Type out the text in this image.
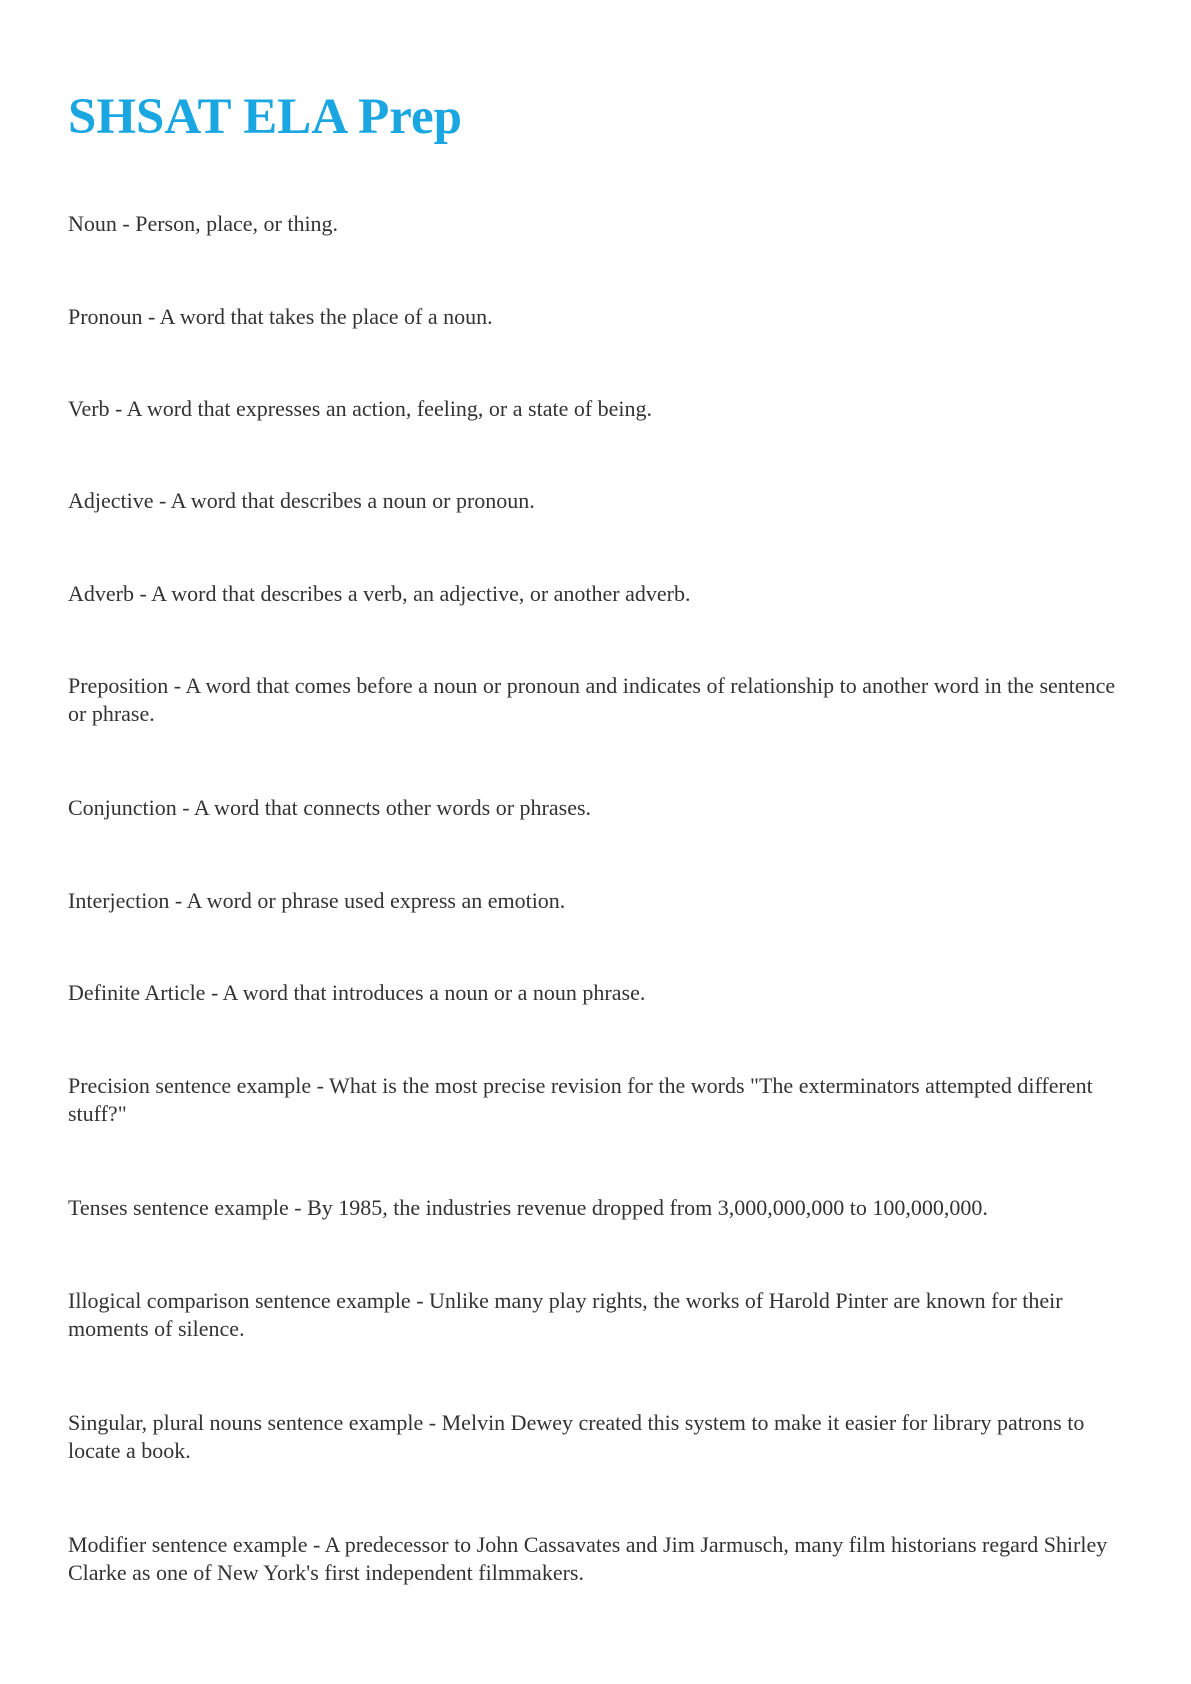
SHSAT ELA Prep

Noun - Person, place, or thing.

Pronoun - A word that takes the place of a noun.

Verb - A word that expresses an action, feeling, or a state of being.

Adjective - A word that describes a noun or pronoun.

Adverb - A word that describes a verb, an adjective, or another adverb.

Preposition - A word that comes before a noun or pronoun and indicates of relationship to another word in the sentence or phrase.

Conjunction - A word that connects other words or phrases.

Interjection - A word or phrase used express an emotion.

Definite Article - A word that introduces a noun or a noun phrase.

Precision sentence example - What is the most precise revision for the words "The exterminators attempted different stuff?"

Tenses sentence example - By 1985, the industries revenue dropped from 3,000,000,000 to 100,000,000.

Illogical comparison sentence example - Unlike many play rights, the works of Harold Pinter are known for their moments of silence.

Singular, plural nouns sentence example - Melvin Dewey created this system to make it easier for library patrons to locate a book.

Modifier sentence example - A predecessor to John Cassavates and Jim Jarmusch, many film historians regard Shirley Clarke as one of New York's first independent filmmakers.
